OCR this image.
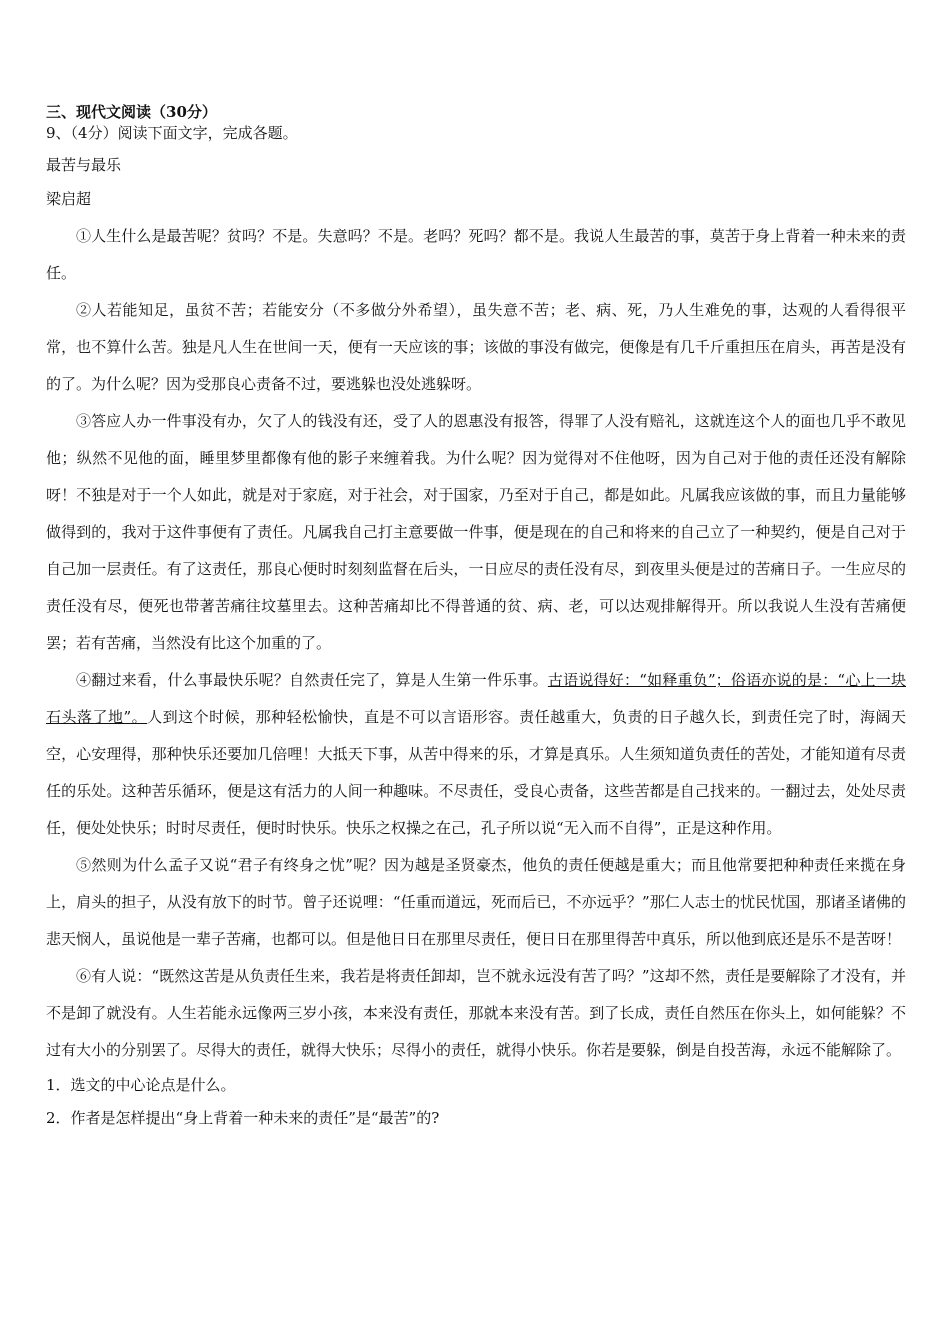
三、现代文阅读（30分）

9、（4分）阅读下面文字，完成各题。

最苦与最乐

梁启超

①人生什么是最苦呢？贫吗？不是。失意吗？不是。老吗？死吗？都不是。我说人生最苦的事，莫苦于身上背着一种未来的责任。

②人若能知足，虽贫不苦；若能安分（不多做分外希望），虽失意不苦；老、病、死，乃人生难免的事，达观的人看得很平常，也不算什么苦。独是凡人生在世间一天，便有一天应该的事；该做的事没有做完，便像是有几千斤重担压在肩头，再苦是没有的了。为什么呢？因为受那良心责备不过，要逃躲也没处逃躲呀。

③答应人办一件事没有办，欠了人的钱没有还，受了人的恩惠没有报答，得罪了人没有赔礼，这就连这个人的面也几乎不敢见他；纵然不见他的面，睡里梦里都像有他的影子来缠着我。为什么呢？因为觉得对不住他呀，因为自己对于他的责任还没有解除呀！不独是对于一个人如此，就是对于家庭，对于社会，对于国家，乃至对于自己，都是如此。凡属我应该做的事，而且力量能够做得到的，我对于这件事便有了责任。凡属我自己打主意要做一件事，便是现在的自己和将来的自己立了一种契约，便是自己对于自己加一层责任。有了这责任，那良心便时时刻刻监督在后头，一日应尽的责任没有尽，到夜里头便是过的苦痛日子。一生应尽的责任没有尽，便死也带著苦痛往坟墓里去。这种苦痛却比不得普通的贫、病、老，可以达观排解得开。所以我说人生没有苦痛便罢；若有苦痛，当然没有比这个加重的了。

④翻过来看，什么事最快乐呢？自然责任完了，算是人生第一件乐事。古语说得好：“如释重负”；俗语亦说的是：“心上一块石头落了地”。人到这个时候，那种轻松愉快，直是不可以言语形容。责任越重大，负责的日子越久长，到责任完了时，海阔天空，心安理得，那种快乐还要加几倍哩！大抵天下事，从苦中得来的乐，才算是真乐。人生须知道负责任的苦处，才能知道有尽责任的乐处。这种苦乐循环，便是这有活力的人间一种趣味。不尽责任，受良心责备，这些苦都是自己找来的。一翻过去，处处尽责任，便处处快乐；时时尽责任，便时时快乐。快乐之权操之在己，孔子所以说“无入而不自得”，正是这种作用。

⑤然则为什么孟子又说“君子有终身之忧”呢？因为越是圣贤豪杰，他负的责任便越是重大；而且他常要把种种责任来揽在身上，肩头的担子，从没有放下的时节。曾子还说哩：“任重而道远，死而后已，不亦远乎？”那仁人志士的忧民忧国，那诸圣诸佛的悲天悯人，虽说他是一辈子苦痛，也都可以。但是他日日在那里尽责任，便日日在那里得苦中真乐，所以他到底还是乐不是苦呀！

⑥有人说：“既然这苦是从负责任生来，我若是将责任卸却，岂不就永远没有苦了吗？”这却不然，责任是要解除了才没有，并不是卸了就没有。人生若能永远像两三岁小孩，本来没有责任，那就本来没有苦。到了长成，责任自然压在你头上，如何能躲？不过有大小的分别罢了。尽得大的责任，就得大快乐；尽得小的责任，就得小快乐。你若是要躲，倒是自投苦海，永远不能解除了。

1．选文的中心论点是什么。

2．作者是怎样提出“身上背着一种未来的责任”是“最苦”的?
